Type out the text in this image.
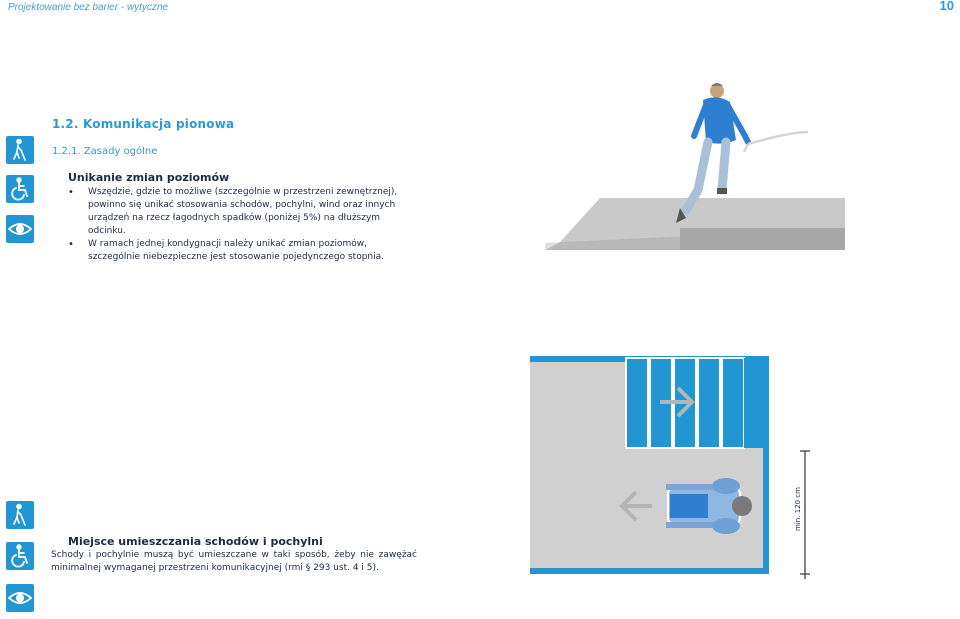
Projektowanie bez barier - wytyczne	10
1.2. Komunikacja pionowa
1.2.1. Zasady ogólne
Unikanie zmian poziomów
• Wszędzie, gdzie to możliwe (szczególnie w przestrzeni zewnętrznej), powinno się unikać stosowania schodów, pochylni, wind oraz innych urządzeń na rzecz łagodnych spadków (poniżej 5%) na dłuższym odcinku.
• W ramach jednej kondygnacji należy unikać zmian poziomów, szczególnie niebezpieczne jest stosowanie pojedynczego stopnia.
Miejsce umieszczania schodów i pochylni
Schody i pochylnie muszą być umieszczane w taki sposób, żeby nie zawężać minimalnej wymaganej przestrzeni komunikacyjnej (rmi § 293 ust. 4 i 5).
min. 120 cm
